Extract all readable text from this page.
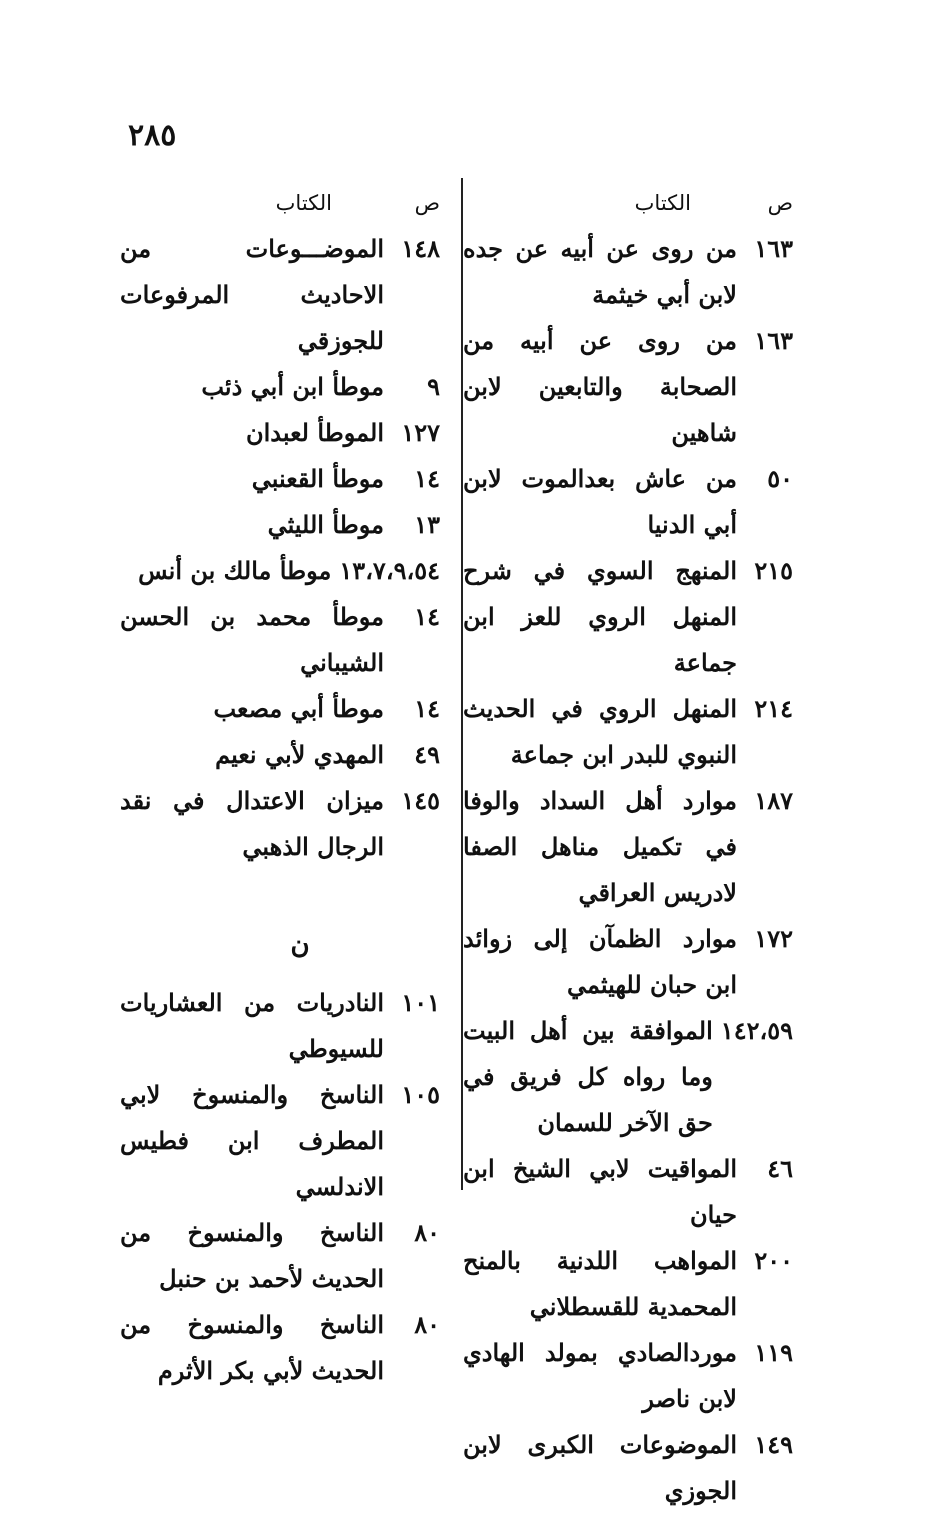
٢٨٥
ص
الكتاب
١٦٣
من روى عن أبيه عن جده لابن أبي خيثمة
١٦٣
من روى عن أبيه من الصحابة والتابعين لابن شاهين
٥٠
من عاش بعدالموت لابن أبي الدنيا
٢١٥
المنهج السوي في شرح المنهل الروي للعز ابن جماعة
٢١٤
المنهل الروي في الحديث النبوي للبدر ابن جماعة
١٨٧
موارد أهل السداد والوفا في تكميل مناهل الصفا لادريس العراقي
١٧٢
موارد الظمآن إلى زوائد ابن حبان للهيثمي
١٤٢،٥٩
الموافقة بين أهل البيت وما رواه كل فريق في حق الآخر للسمان
٤٦
المواقيت لابي الشيخ ابن حيان
٢٠٠
المواهب اللدنية بالمنح المحمدية للقسطلاني
١١٩
موردالصادي بمولد الهادي لابن ناصر
١٤٩
الموضوعات الكبرى لابن الجوزي
ص
الكتاب
١٤٨
الموضـــوعات من الاحاديث المرفوعات للجوزقي
٩
موطأ ابن أبي ذئب
١٢٧
الموطأ لعبدان
١٤
موطأ القعنبي
١٣
موطأ الليثي
١٣،٧،٩،٥٤
موطأ مالك بن أنس
١٤
موطأ محمد بن الحسن الشيباني
١٤
موطأ أبي مصعب
٤٩
المهدي لأبي نعيم
١٤٥
ميزان الاعتدال في نقد الرجال الذهبي
ن
١٠١
النادريات من العشاريات للسيوطي
١٠٥
الناسخ والمنسوخ لابي المطرف ابن فطيس الاندلسي
٨٠
الناسخ والمنسوخ من الحديث لأحمد بن حنبل
٨٠
الناسخ والمنسوخ من الحديث لأبي بكر الأثرم
